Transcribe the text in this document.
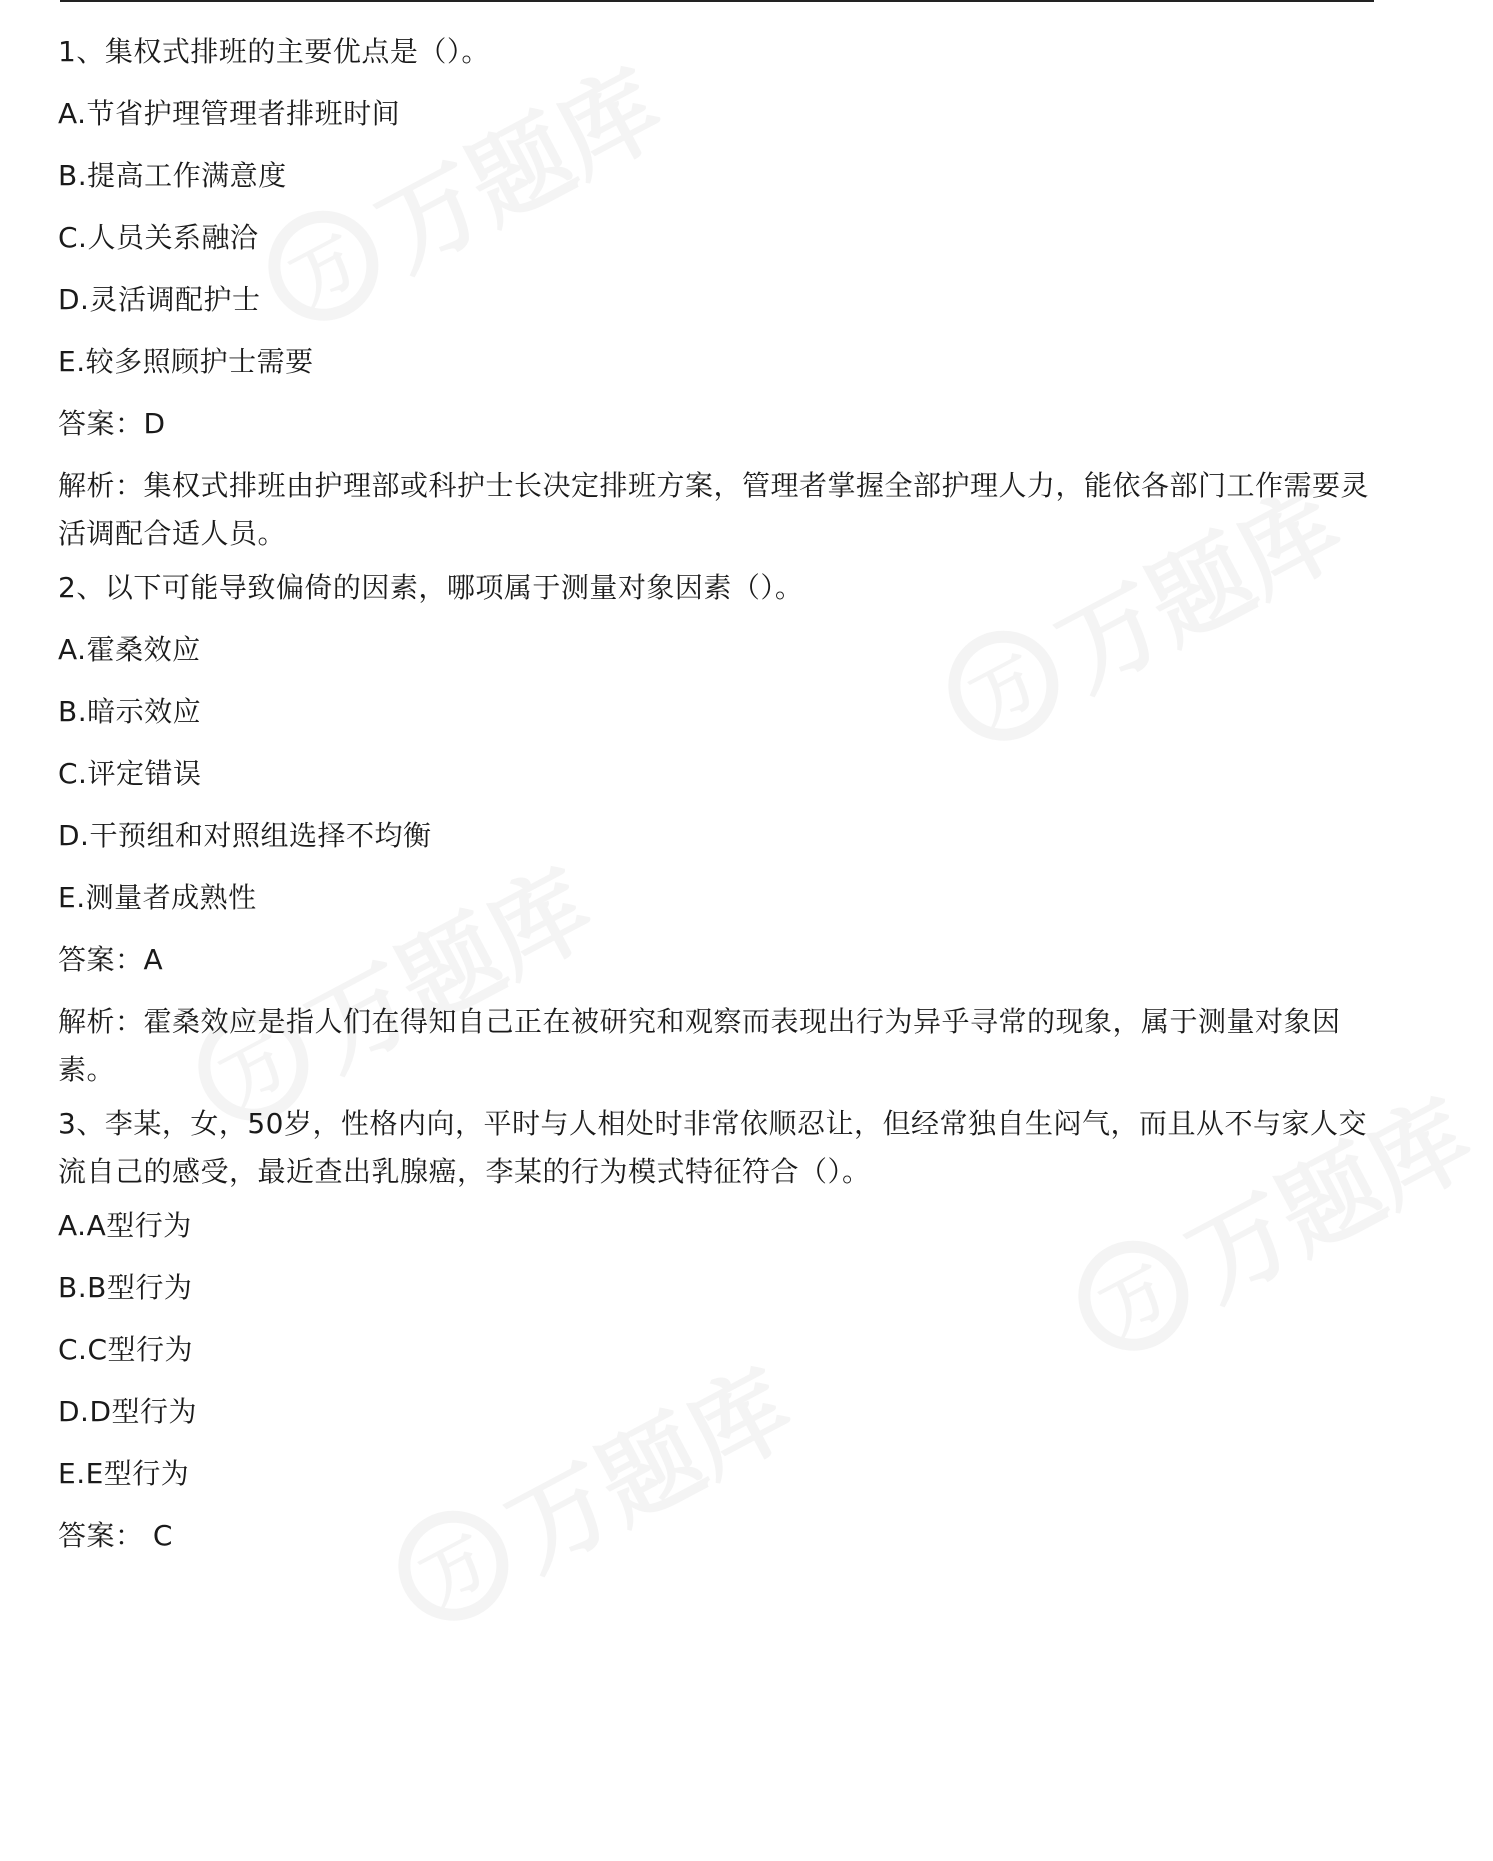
万
万题库
万
万题库
万
万题库
万
万题库
万
万题库
1、集权式排班的主要优点是（）。
A.节省护理管理者排班时间
B.提高工作满意度
C.人员关系融洽
D.灵活调配护士
E.较多照顾护士需要
答案：D
解析：集权式排班由护理部或科护士长决定排班方案，管理者掌握全部护理人力，能依各部门工作需要灵活调配合适人员。
2、以下可能导致偏倚的因素，哪项属于测量对象因素（）。
A.霍桑效应
B.暗示效应
C.评定错误
D.干预组和对照组选择不均衡
E.测量者成熟性
答案：A
解析：霍桑效应是指人们在得知自己正在被研究和观察而表现出行为异乎寻常的现象，属于测量对象因素。
3、李某，女，50岁，性格内向，平时与人相处时非常依顺忍让，但经常独自生闷气，而且从不与家人交流自己的感受，最近查出乳腺癌，李某的行为模式特征符合（）。
A.A型行为
B.B型行为
C.C型行为
D.D型行为
E.E型行为
答案： C
